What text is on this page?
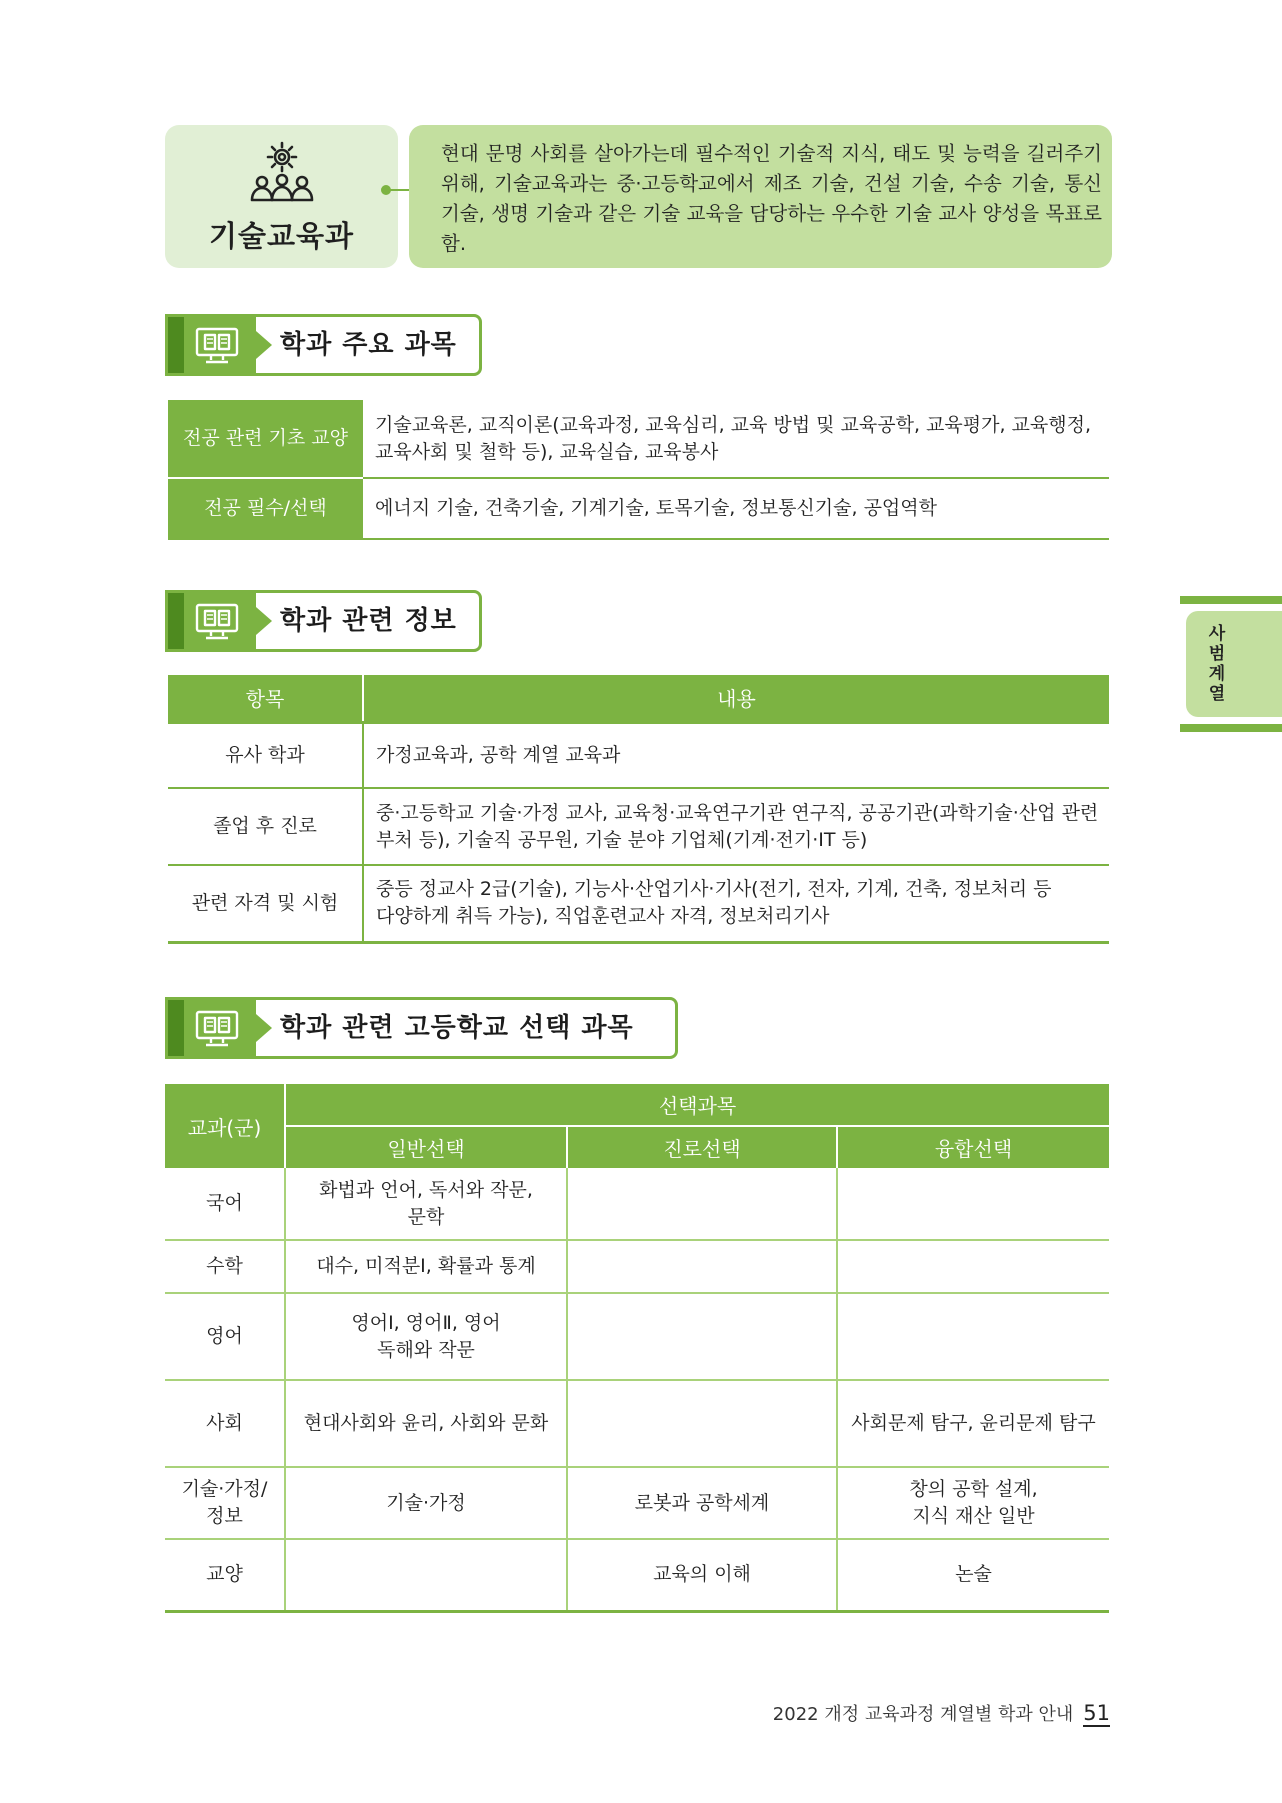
기술교육과
현대 문명 사회를 살아가는데 필수적인 기술적 지식, 태도 및 능력을 길러주기 위해, 기술교육과는 중·고등학교에서 제조 기술, 건설 기술, 수송 기술, 통신 기술, 생명 기술과 같은 기술 교육을 담당하는 우수한 기술 교사 양성을 목표로 함.
학과 주요 과목
전공 관련 기초 교양	기술교육론, 교직이론(교육과정, 교육심리, 교육 방법 및 교육공학, 교육평가, 교육행정, 교육사회 및 철학 등), 교육실습, 교육봉사
전공 필수/선택	에너지 기술, 건축기술, 기계기술, 토목기술, 정보통신기술, 공업역학
학과 관련 정보
항목	내용
유사 학과	가정교육과, 공학 계열 교육과
졸업 후 진로	중·고등학교 기술·가정 교사, 교육청·교육연구기관 연구직, 공공기관(과학기술·산업 관련 부처 등), 기술직 공무원, 기술 분야 기업체(기계·전기·IT 등)
관련 자격 및 시험	중등 정교사 2급(기술), 기능사·산업기사·기사(전기, 전자, 기계, 건축, 정보처리 등 다양하게 취득 가능), 직업훈련교사 자격, 정보처리기사
학과 관련 고등학교 선택 과목
교과(군)	선택과목		
	일반선택	진로선택	융합선택
국어	화법과 언어, 독서와 작문, 문학		
수학	대수, 미적분Ⅰ, 확률과 통계		
영어	영어Ⅰ, 영어Ⅱ, 영어 독해와 작문		
사회	현대사회와 윤리, 사회와 문화		사회문제 탐구, 윤리문제 탐구
기술·가정/정보	기술·가정	로봇과 공학세계	창의 공학 설계, 지식 재산 일반
교양		교육의 이해	논술
사범계열
2022 개정 교육과정 계열별 학과 안내 51
